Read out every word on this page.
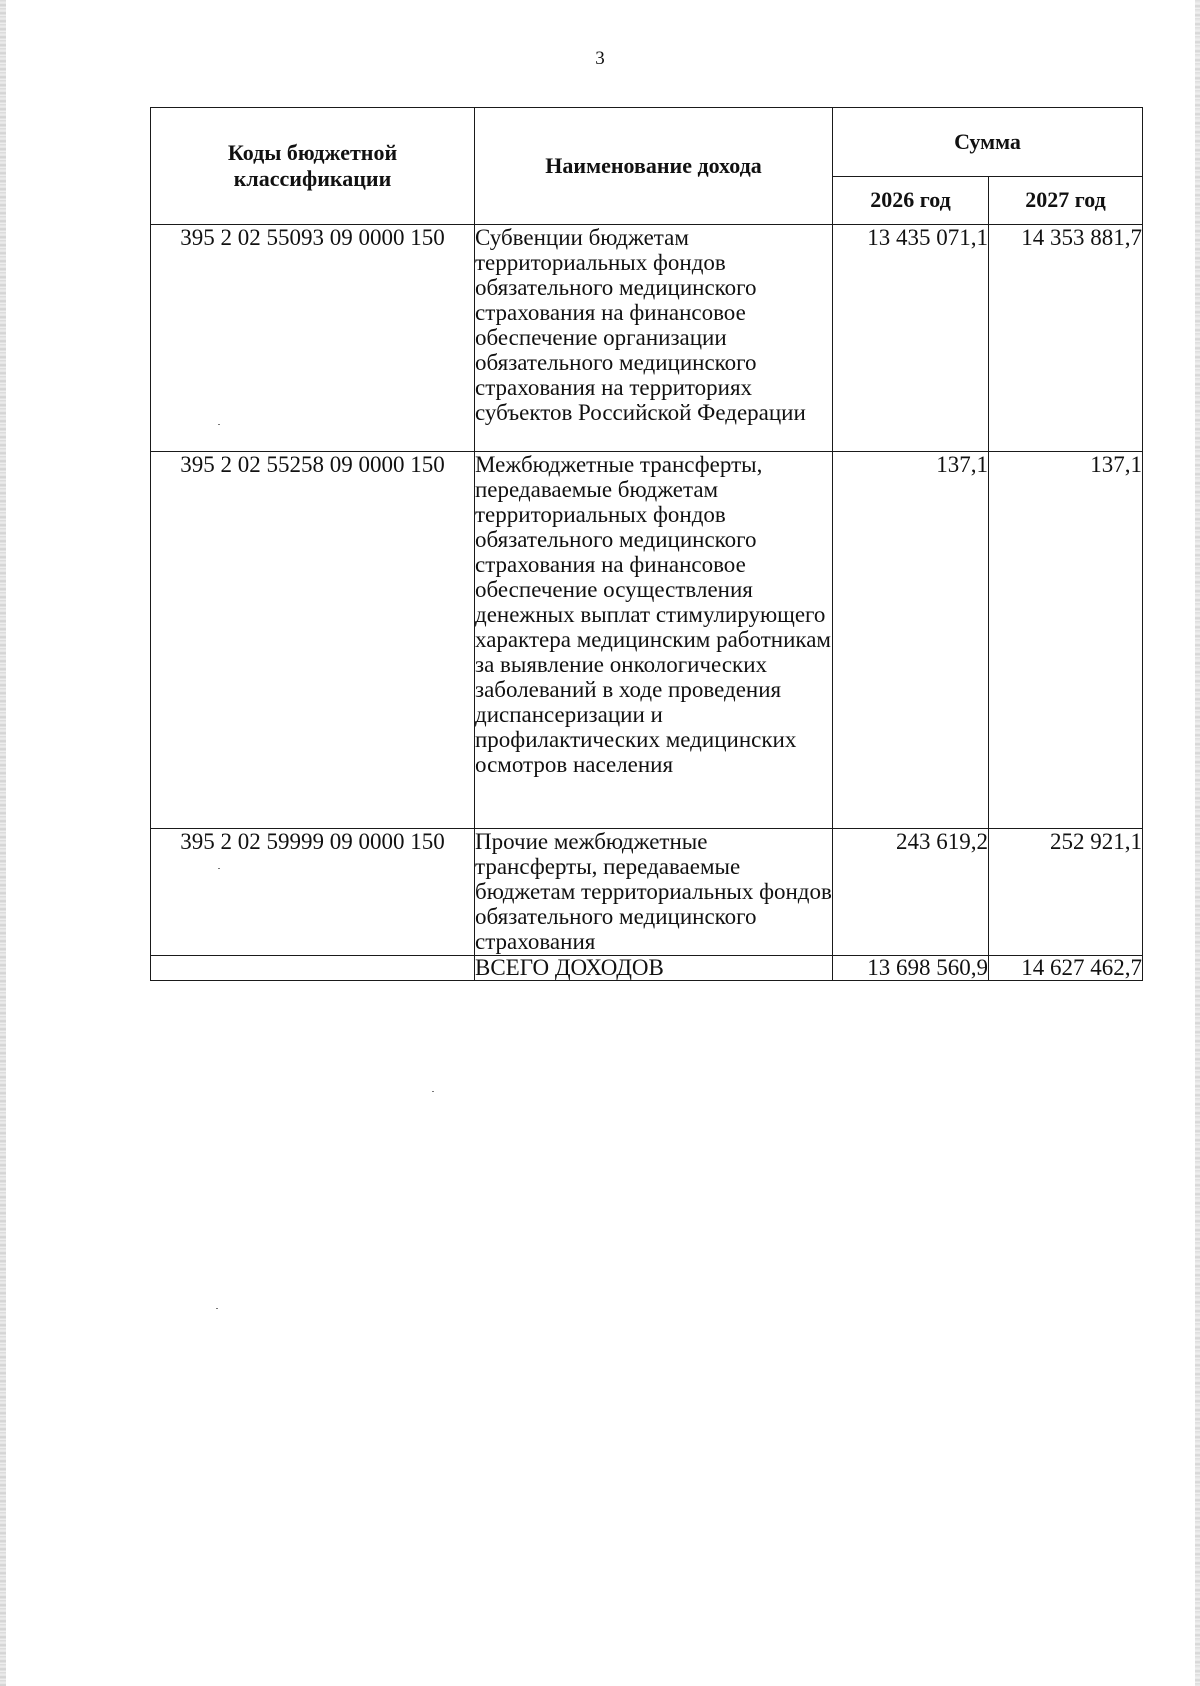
3
Коды бюджетной классификации	Наименование дохода	Сумма	
		2026 год	2027 год
395 2 02 55093 09 0000 150	Субвенции бюджетам территориальных фондов обязательного медицинского страхования на финансовое обеспечение организации обязательного медицинского страхования на территориях субъектов Российской Федерации	13 435 071,1	14 353 881,7
395 2 02 55258 09 0000 150	Межбюджетные трансферты, передаваемые бюджетам территориальных фондов обязательного медицинского страхования на финансовое обеспечение осуществления денежных выплат стимулирующего характера медицинским работникам за выявление онкологических заболеваний в ходе проведения диспансеризации и профилактических медицинских осмотров населения	137,1	137,1
395 2 02 59999 09 0000 150	Прочие межбюджетные трансферты, передаваемые бюджетам территориальных фондов обязательного медицинского страхования	243 619,2	252 921,1
	ВСЕГО ДОХОДОВ	13 698 560,9	14 627 462,7
